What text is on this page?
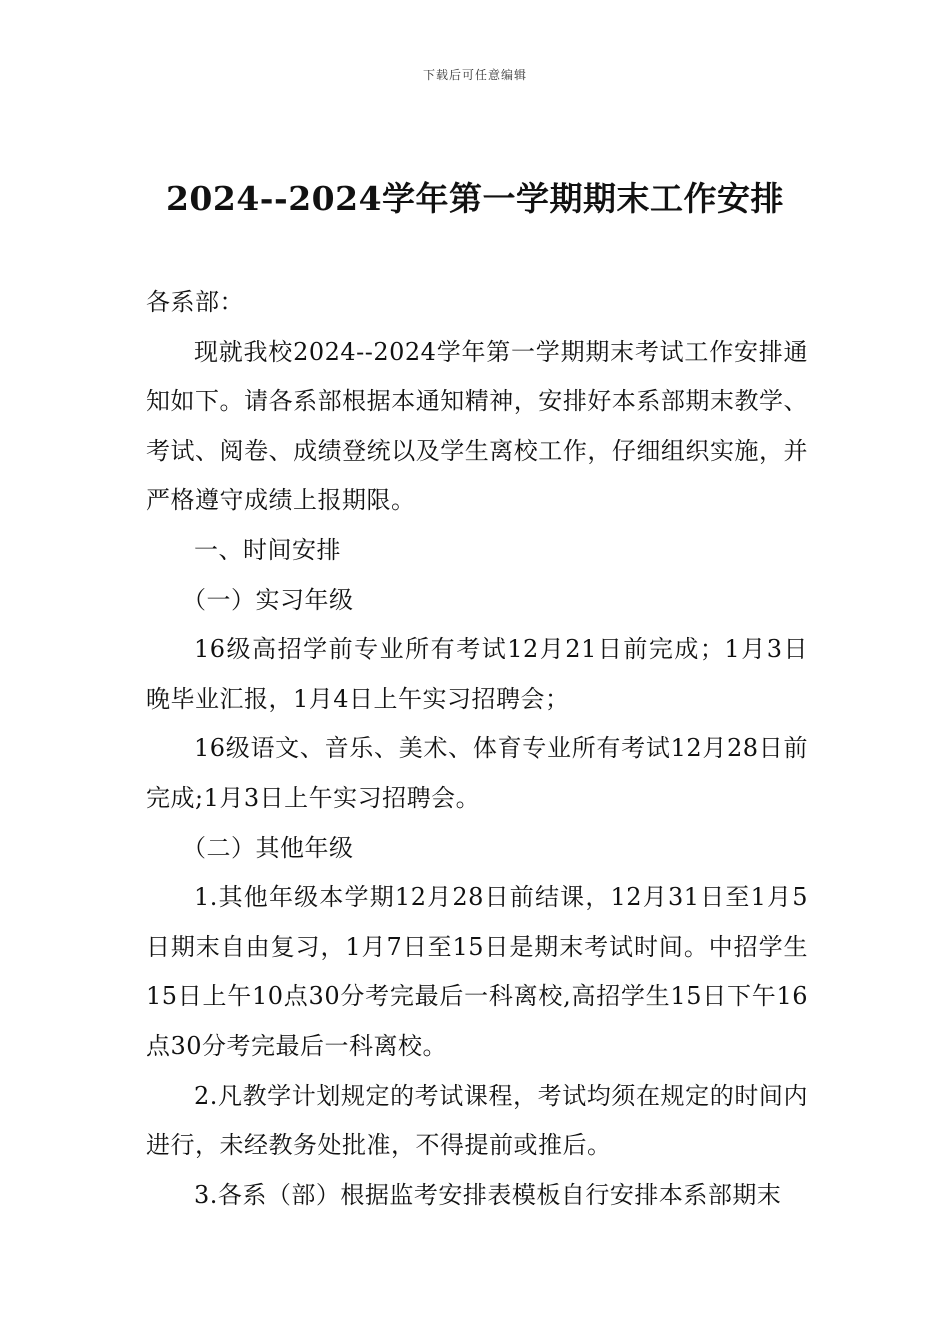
下载后可任意编辑
2024--2024学年第一学期期末工作安排

各系部：

现就我校2024--2024学年第一学期期末考试工作安排通知如下。请各系部根据本通知精神，安排好本系部期末教学、考试、阅卷、成绩登统以及学生离校工作，仔细组织实施，并严格遵守成绩上报期限。

一、时间安排

（一）实习年级

16级高招学前专业所有考试12月21日前完成；1月3日晚毕业汇报，1月4日上午实习招聘会；

16级语文、音乐、美术、体育专业所有考试12月28日前完成;1月3日上午实习招聘会。

（二）其他年级

1.其他年级本学期12月28日前结课，12月31日至1月5日期末自由复习，1月7日至15日是期末考试时间。中招学生15日上午10点30分考完最后一科离校,高招学生15日下午16点30分考完最后一科离校。

2.凡教学计划规定的考试课程，考试均须在规定的时间内进行，未经教务处批准，不得提前或推后。

3.各系（部）根据监考安排表模板自行安排本系部期末
